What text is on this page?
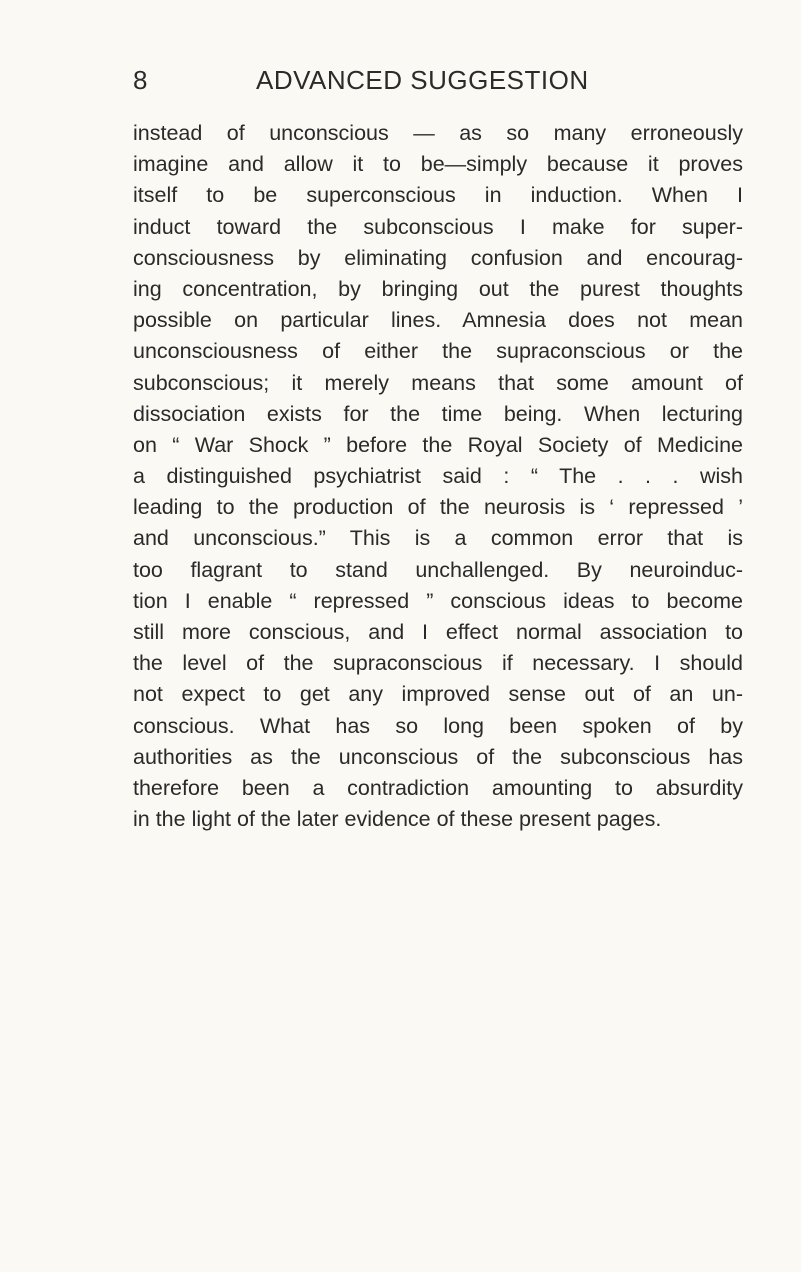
8	ADVANCED SUGGESTION
instead of unconscious — as so many erroneously
imagine and allow it to be—simply because it proves
itself to be superconscious in induction. When I
induct toward the subconscious I make for super-
consciousness by eliminating confusion and encourag-
ing concentration, by bringing out the purest thoughts
possible on particular lines. Amnesia does not mean
unconsciousness of either the supraconscious or the
subconscious; it merely means that some amount of
dissociation exists for the time being. When lecturing
on “ War Shock ” before the Royal Society of Medicine
a distinguished psychiatrist said : “ The . . . wish
leading to the production of the neurosis is ‘ repressed ’
and unconscious.” This is a common error that is
too flagrant to stand unchallenged. By neuroinduc-
tion I enable “ repressed ” conscious ideas to become
still more conscious, and I effect normal association to
the level of the supraconscious if necessary. I should
not expect to get any improved sense out of an un-
conscious. What has so long been spoken of by
authorities as the unconscious of the subconscious has
therefore been a contradiction amounting to absurdity
in the light of the later evidence of these present pages.
